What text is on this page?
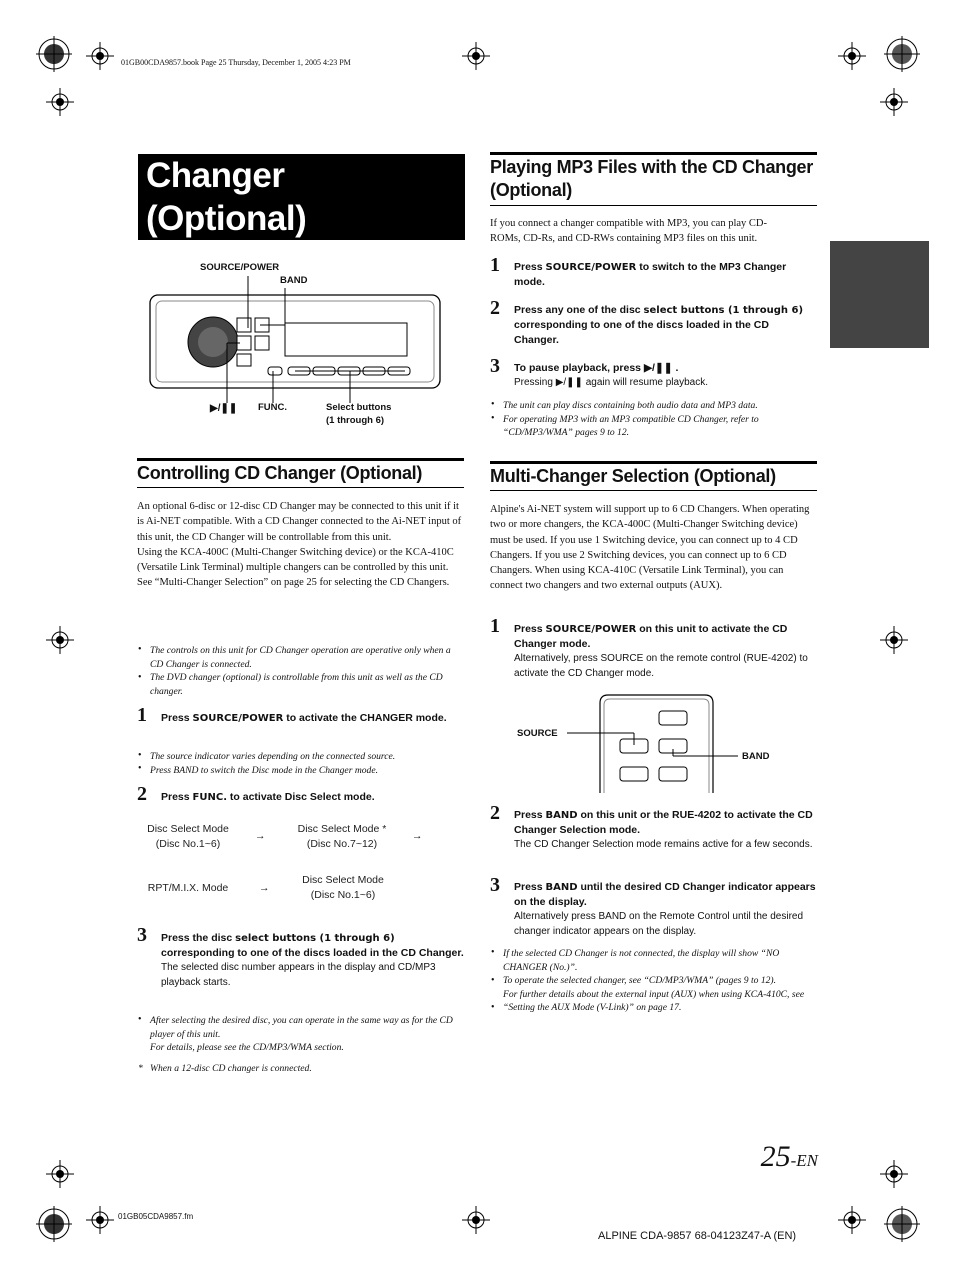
01GB00CDA9857.book Page 25 Thursday, December 1, 2005 4:23 PM
Changer
(Optional)
SOURCE/POWER
BAND
▶/❚❚ FUNC.	Select buttons
(1 through 6)
Controlling CD Changer (Optional)
An optional 6-disc or 12-disc CD Changer may be connected to this unit if it is Ai-NET compatible. With a CD Changer connected to the Ai-NET input of this unit, the CD Changer will be controllable from this unit.
Using the KCA-400C (Multi-Changer Switching device) or the KCA-410C (Versatile Link Terminal) multiple changers can be controlled by this unit.
See “Multi-Changer Selection” on page 25 for selecting the CD Changers.
The controls on this unit for CD Changer operation are operative only when a CD Changer is connected.
The DVD changer (optional) is controllable from this unit as well as the CD changer.
•
•
1 Press SOURCE/POWER to activate the CHANGER mode.
The source indicator varies depending on the connected source.
Press BAND to switch the Disc mode in the Changer mode.
•
•
2 Press FUNC. to activate Disc Select mode.
Disc Select Mode
(Disc No.1~6)
→
Disc Select Mode *
(Disc No.7~12)
→
RPT/M.I.X. Mode	→
Disc Select Mode
(Disc No.1~6)
3 Press the disc select buttons (1 through 6) corresponding to one of the discs loaded in the CD Changer.
The selected disc number appears in the display and CD/MP3 playback starts.
After selecting the desired disc, you can operate in the same way as for the CD player of this unit.
For details, please see the CD/MP3/WMA section.
•
* When a 12-disc CD changer is connected.
Playing MP3 Files with the CD Changer
(Optional)
If you connect a changer compatible with MP3, you can play CD-ROMs, CD-Rs, and CD-RWs containing MP3 files on this unit.
1 Press SOURCE/POWER to switch to the MP3 Changer mode.
2 Press any one of the disc select buttons (1 through 6) corresponding to one of the discs loaded in the CD Changer.
3 To pause playback, press ▶/❚❚ .
Pressing ▶/❚❚ again will resume playback.
The unit can play discs containing both audio data and MP3 data.
For operating MP3 with an MP3 compatible CD Changer, refer to “CD/MP3/WMA” pages 9 to 12.
•
•
Multi-Changer Selection (Optional)
Alpine's Ai-NET system will support up to 6 CD Changers. When operating two or more changers, the KCA-400C (Multi-Changer Switching device) must be used. If you use 1 Switching device, you can connect up to 4 CD Changers. If you use 2 Switching devices, you can connect up to 6 CD Changers. When using KCA-410C (Versatile Link Terminal), you can connect two changers and two external outputs (AUX).
1 Press SOURCE/POWER on this unit to activate the CD Changer mode.
Alternatively, press SOURCE on the remote control (RUE-4202) to activate the CD Changer mode.
SOURCE
BAND
2 Press BAND on this unit or the RUE-4202 to activate the CD Changer Selection mode.
The CD Changer Selection mode remains active for a few seconds.
3 Press BAND until the desired CD Changer indicator appears on the display.
Alternatively press BAND on the Remote Control until the desired changer indicator appears on the display.
If the selected CD Changer is not connected, the display will show “NO CHANGER (No.)”.
To operate the selected changer, see “CD/MP3/WMA” (pages 9 to 12).
For further details about the external input (AUX) when using KCA-410C, see “Setting the AUX Mode (V-Link)” on page 17.
•
•
•
25-EN
01GB05CDA9857.fm
ALPINE CDA-9857 68-04123Z47-A (EN)
